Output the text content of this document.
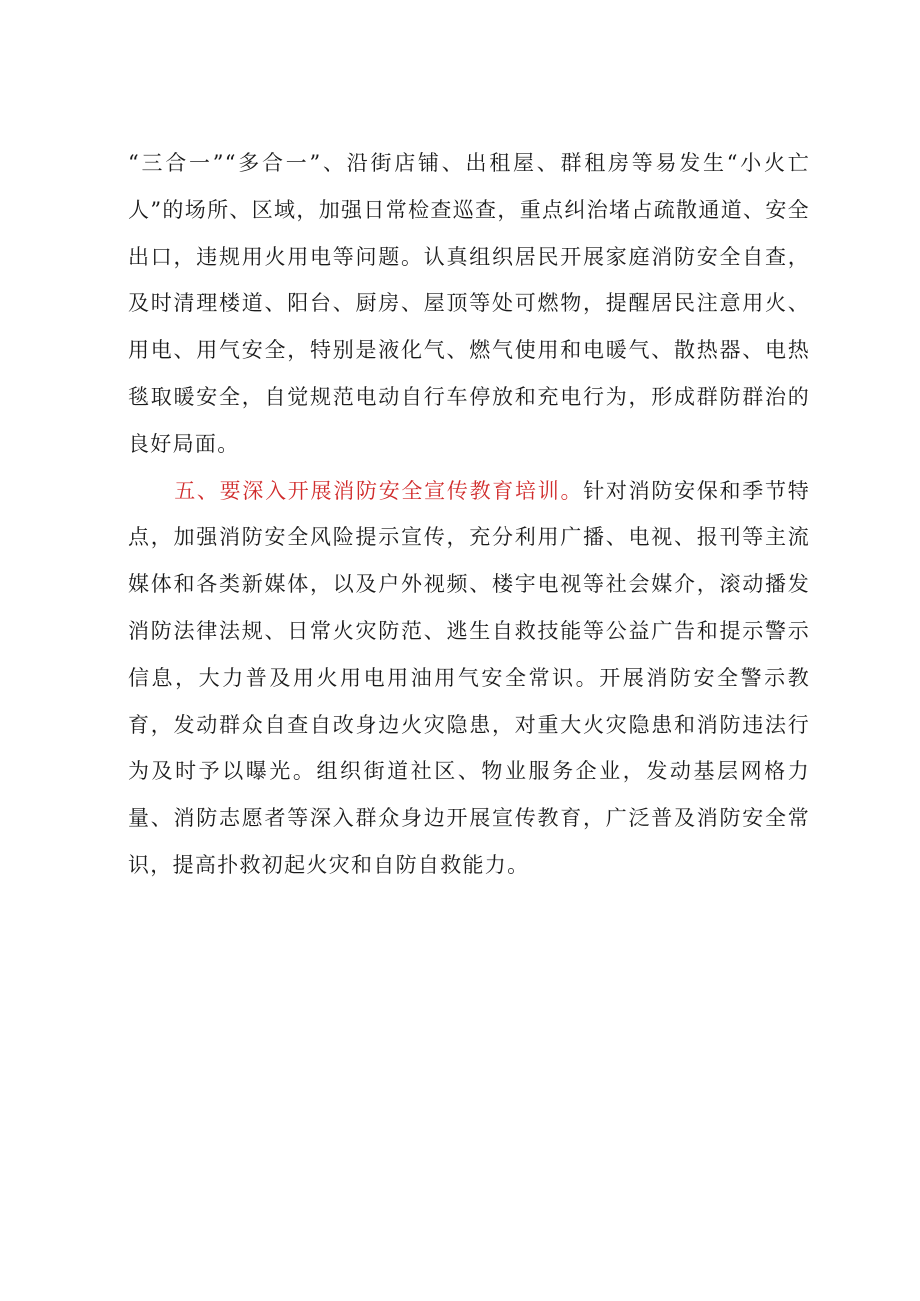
“三合一”“多合一”、沿街店铺、出租屋、群租房等易发生“小火亡人”的场所、区域，加强日常检查巡查，重点纠治堵占疏散通道、安全出口，违规用火用电等问题。认真组织居民开展家庭消防安全自查，及时清理楼道、阳台、厨房、屋顶等处可燃物，提醒居民注意用火、用电、用气安全，特别是液化气、燃气使用和电暖气、散热器、电热毯取暖安全，自觉规范电动自行车停放和充电行为，形成群防群治的良好局面。

五、要深入开展消防安全宣传教育培训。针对消防安保和季节特点，加强消防安全风险提示宣传，充分利用广播、电视、报刊等主流媒体和各类新媒体，以及户外视频、楼宇电视等社会媒介，滚动播发消防法律法规、日常火灾防范、逃生自救技能等公益广告和提示警示信息，大力普及用火用电用油用气安全常识。开展消防安全警示教育，发动群众自查自改身边火灾隐患，对重大火灾隐患和消防违法行为及时予以曝光。组织街道社区、物业服务企业，发动基层网格力量、消防志愿者等深入群众身边开展宣传教育，广泛普及消防安全常识，提高扑救初起火灾和自防自救能力。
